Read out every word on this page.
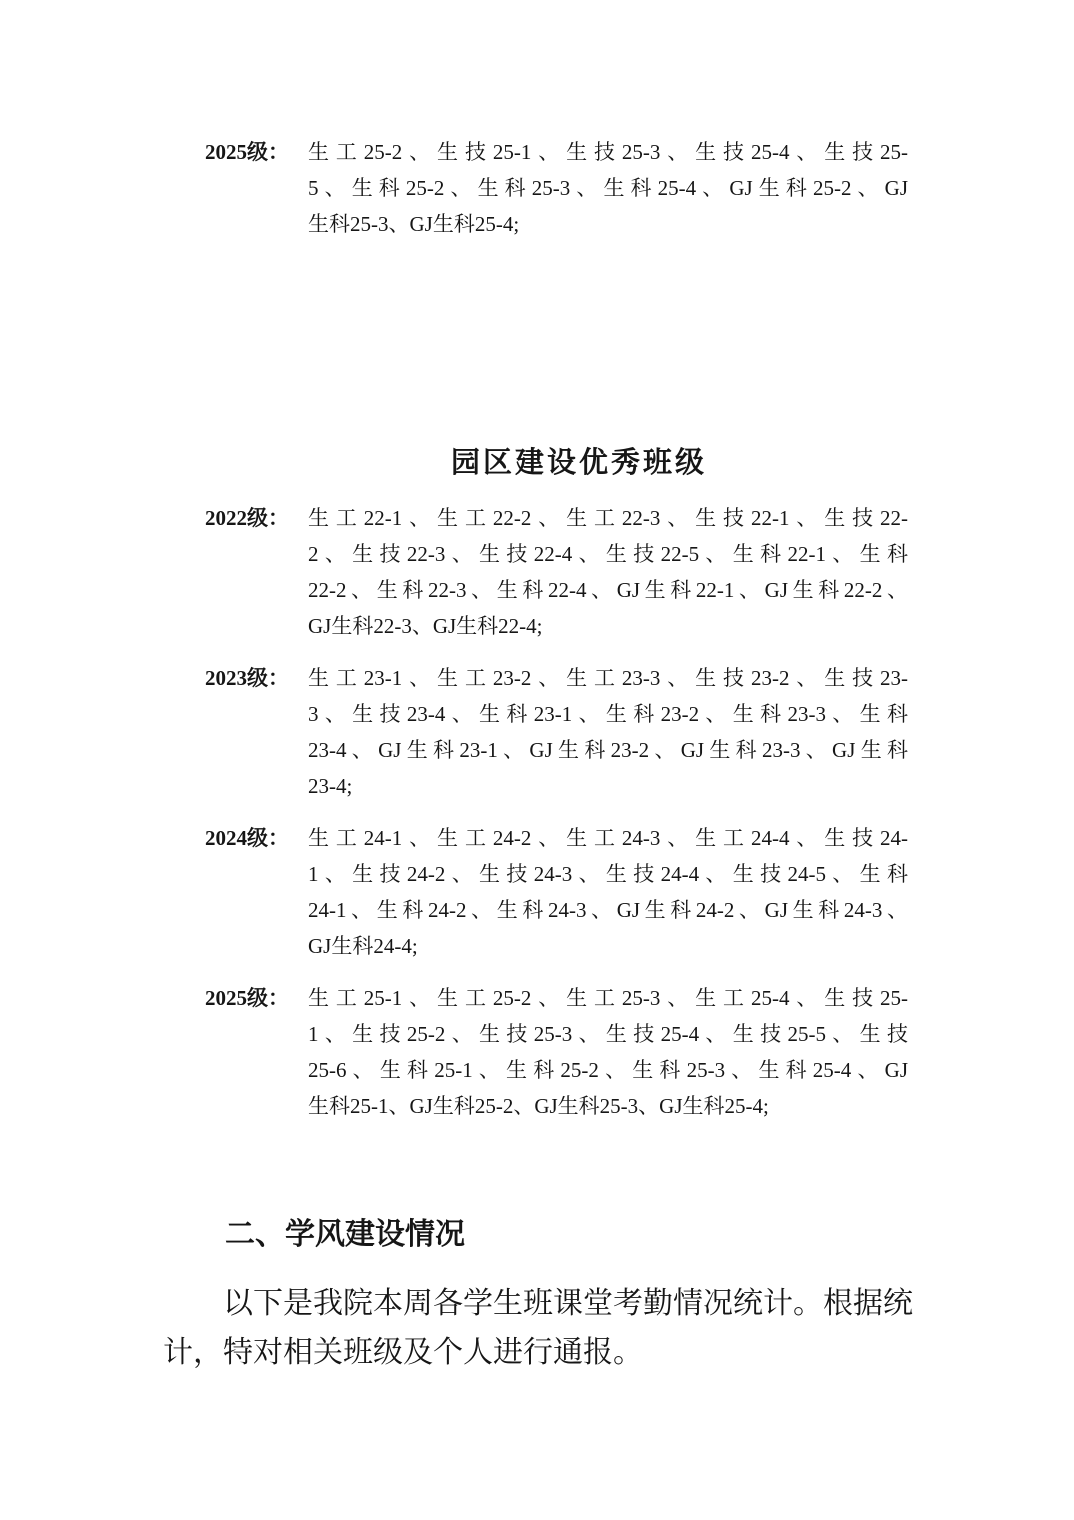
2025级： 生工25-2、生技25-1、生技25-3、生技25-4、生技25-
5、生科25-2、生科25-3、生科25-4、GJ生科25-2、GJ
生科25-3、GJ生科25-4;
园区建设优秀班级
2022级： 生工22-1、生工22-2、生工22-3、生技22-1、生技22-
2、生技22-3、生技22-4、生技22-5、生科22-1、生科
22-2、生科22-3、生科22-4、GJ生科22-1、GJ生科22-2、
GJ生科22-3、GJ生科22-4;
2023级： 生工23-1、生工23-2、生工23-3、生技23-2、生技23-
3、生技23-4、生科23-1、生科23-2、生科23-3、生科
23-4、GJ生科23-1、GJ生科23-2、GJ生科23-3、GJ生科
23-4;
2024级： 生工24-1、生工24-2、生工24-3、生工24-4、生技24-
1、生技24-2、生技24-3、生技24-4、生技24-5、生科
24-1、生科24-2、生科24-3、GJ生科24-2、GJ生科24-3、
GJ生科24-4;
2025级： 生工25-1、生工25-2、生工25-3、生工25-4、生技25-
1、生技25-2、生技25-3、生技25-4、生技25-5、生技
25-6、生科25-1、生科25-2、生科25-3、生科25-4、GJ
生科25-1、GJ生科25-2、GJ生科25-3、GJ生科25-4;
二、学风建设情况
以下是我院本周各学生班课堂考勤情况统计。根据统
计，特对相关班级及个人进行通报。
